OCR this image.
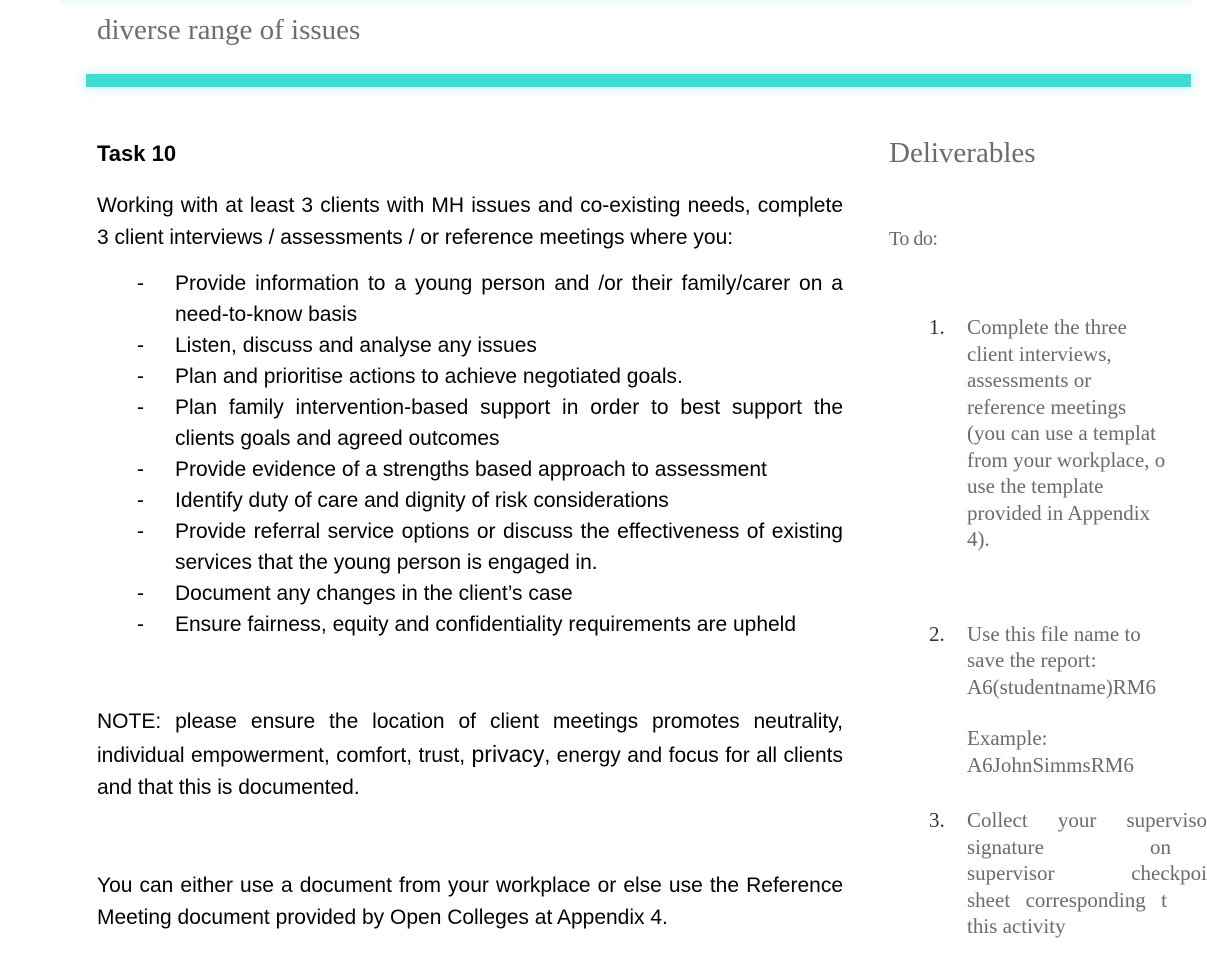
diverse range of issues
Task 10

Working with at least 3 clients with MH issues and co-existing needs, complete 3 client interviews / assessments / or reference meetings where you:

- Provide information to a young person and /or their family/carer on a need-to-know basis
- Listen, discuss and analyse any issues
- Plan and prioritise actions to achieve negotiated goals.
- Plan family intervention-based support in order to best support the clients goals and agreed outcomes
- Provide evidence of a strengths based approach to assessment
- Identify duty of care and dignity of risk considerations
- Provide referral service options or discuss the effectiveness of existing services that the young person is engaged in.
- Document any changes in the client’s case
- Ensure fairness, equity and confidentiality requirements are upheld

NOTE: please ensure the location of client meetings promotes neutrality, individual empowerment, comfort, trust, privacy, energy and focus for all clients and that this is documented.

You can either use a document from your workplace or else use the Reference Meeting document provided by Open Colleges at Appendix 4.

Deliverables
To do:
1. Complete the three
client interviews,
assessments or
reference meetings
(you can use a templat
from your workplace, o
use the template
provided in Appendix
4).
2. Use this file name to
save the report:
A6(studentname)RM6
Example:
A6JohnSimmsRM6
3. Collect your superviso
signature	on
supervisor	checkpoi
sheet corresponding t
this activity
